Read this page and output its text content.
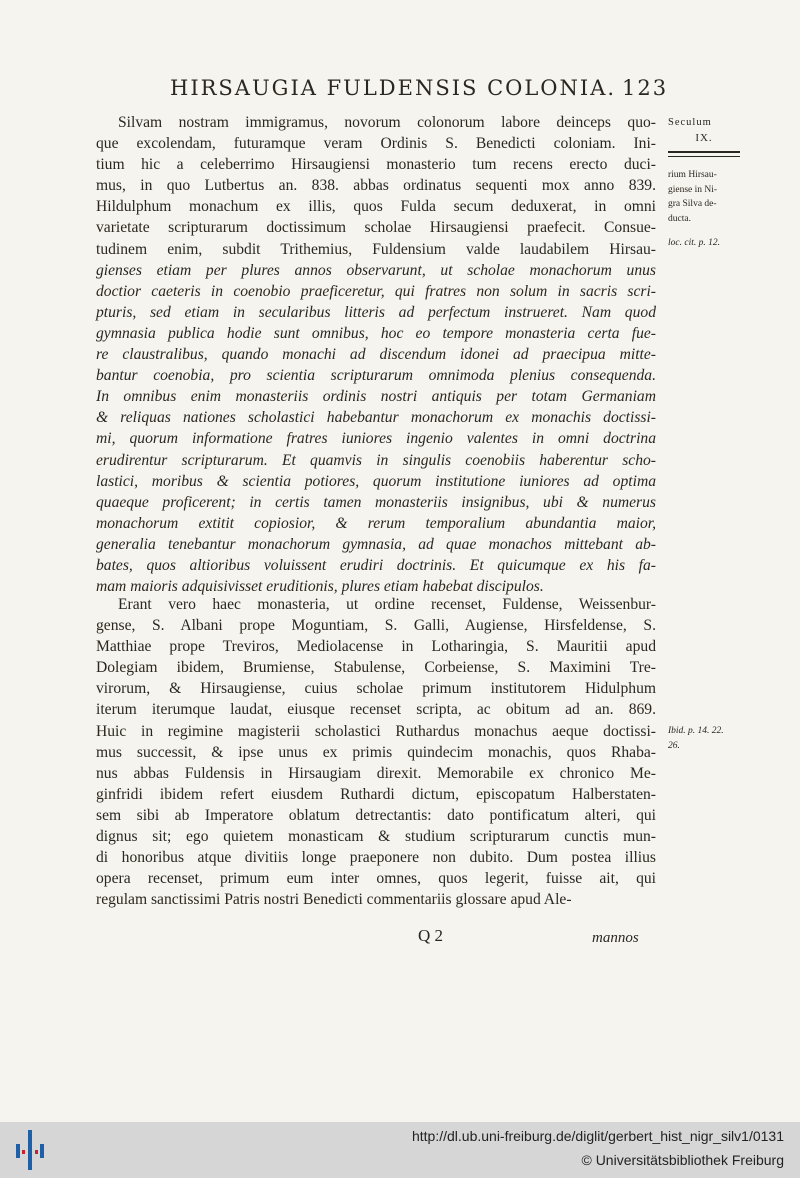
HIRSAUGIA FULDENSIS COLONIA. 123
Silvam nostram immigramus, novorum colonorum labore deinceps quo-
que excolendam, futuramque veram Ordinis S. Benedicti coloniam. Ini-
tium hic a celeberrimo Hirsaugiensi monasterio tum recens erecto duci-
mus, in quo Lutbertus an. 838. abbas ordinatus sequenti mox anno 839.
Hildulphum monachum ex illis, quos Fulda secum deduxerat, in omni
varietate scripturarum doctissimum scholae Hirsaugiensi praefecit. Consue-
tudinem enim, subdit Trithemius, Fuldensium valde laudabilem Hirsau-
gienses etiam per plures annos observarunt, ut scholae monachorum unus
doctior caeteris in coenobio praeficeretur, qui fratres non solum in sacris scri-
pturis, sed etiam in secularibus litteris ad perfectum instrueret. Nam quod
gymnasia publica hodie sunt omnibus, hoc eo tempore monasteria certa fue-
re claustralibus, quando monachi ad discendum idonei ad praecipua mitte-
bantur coenobia, pro scientia scripturarum omnimoda plenius consequenda.
In omnibus enim monasteriis ordinis nostri antiquis per totam Germaniam
& reliquas nationes scholastici habebantur monachorum ex monachis doctissi-
mi, quorum informatione fratres iuniores ingenio valentes in omni doctrina
erudirentur scripturarum. Et quamvis in singulis coenobiis haberentur scho-
lastici, moribus & scientia potiores, quorum institutione iuniores ad optima
quaeque proficerent; in certis tamen monasteriis insignibus, ubi & numerus
monachorum extitit copiosior, & rerum temporalium abundantia maior,
generalia tenebantur monachorum gymnasia, ad quae monachos mittebant ab-
bates, quos altioribus voluissent erudiri doctrinis. Et quicumque ex his fa-
mam maioris adquisivisset eruditionis, plures etiam habebat discipulos.
Erant vero haec monasteria, ut ordine recenset, Fuldense, Weissenbur-
gense, S. Albani prope Moguntiam, S. Galli, Augiense, Hirsfeldense, S.
Matthiae prope Treviros, Mediolacense in Lotharingia, S. Mauritii apud
Dolegiam ibidem, Brumiense, Stabulense, Corbeiense, S. Maximini Tre-
virorum, & Hirsaugiense, cuius scholae primum institutorem Hidulphum
iterum iterumque laudat, eiusque recenset scripta, ac obitum ad an. 869.
Huic in regimine magisterii scholastici Ruthardus monachus aeque doctissi-
mus successit, & ipse unus ex primis quindecim monachis, quos Rhaba-
nus abbas Fuldensis in Hirsaugiam direxit. Memorabile ex chronico Me-
ginfridi ibidem refert eiusdem Ruthardi dictum, episcopatum Halberstaten-
sem sibi ab Imperatore oblatum detrectantis: dato pontificatum alteri, qui
dignus sit; ego quietem monasticam & studium scripturarum cunctis mun-
di honoribus atque divitiis longe praeponere non dubito. Dum postea illius
opera recenset, primum eum inter omnes, quos legerit, fuisse ait, qui
regulam sanctissimi Patris nostri Benedicti commentariis glossare apud Ale-
Seculum
IX.
rium Hirsau-
giense in Ni-
gra Silva de-
ducta.
loc. cit. p. 12.
Ibid. p. 14. 22.
26.
Q 2	mannos
http://dl.ub.uni-freiburg.de/diglit/gerbert_hist_nigr_silv1/0131
© Universitätsbibliothek Freiburg
